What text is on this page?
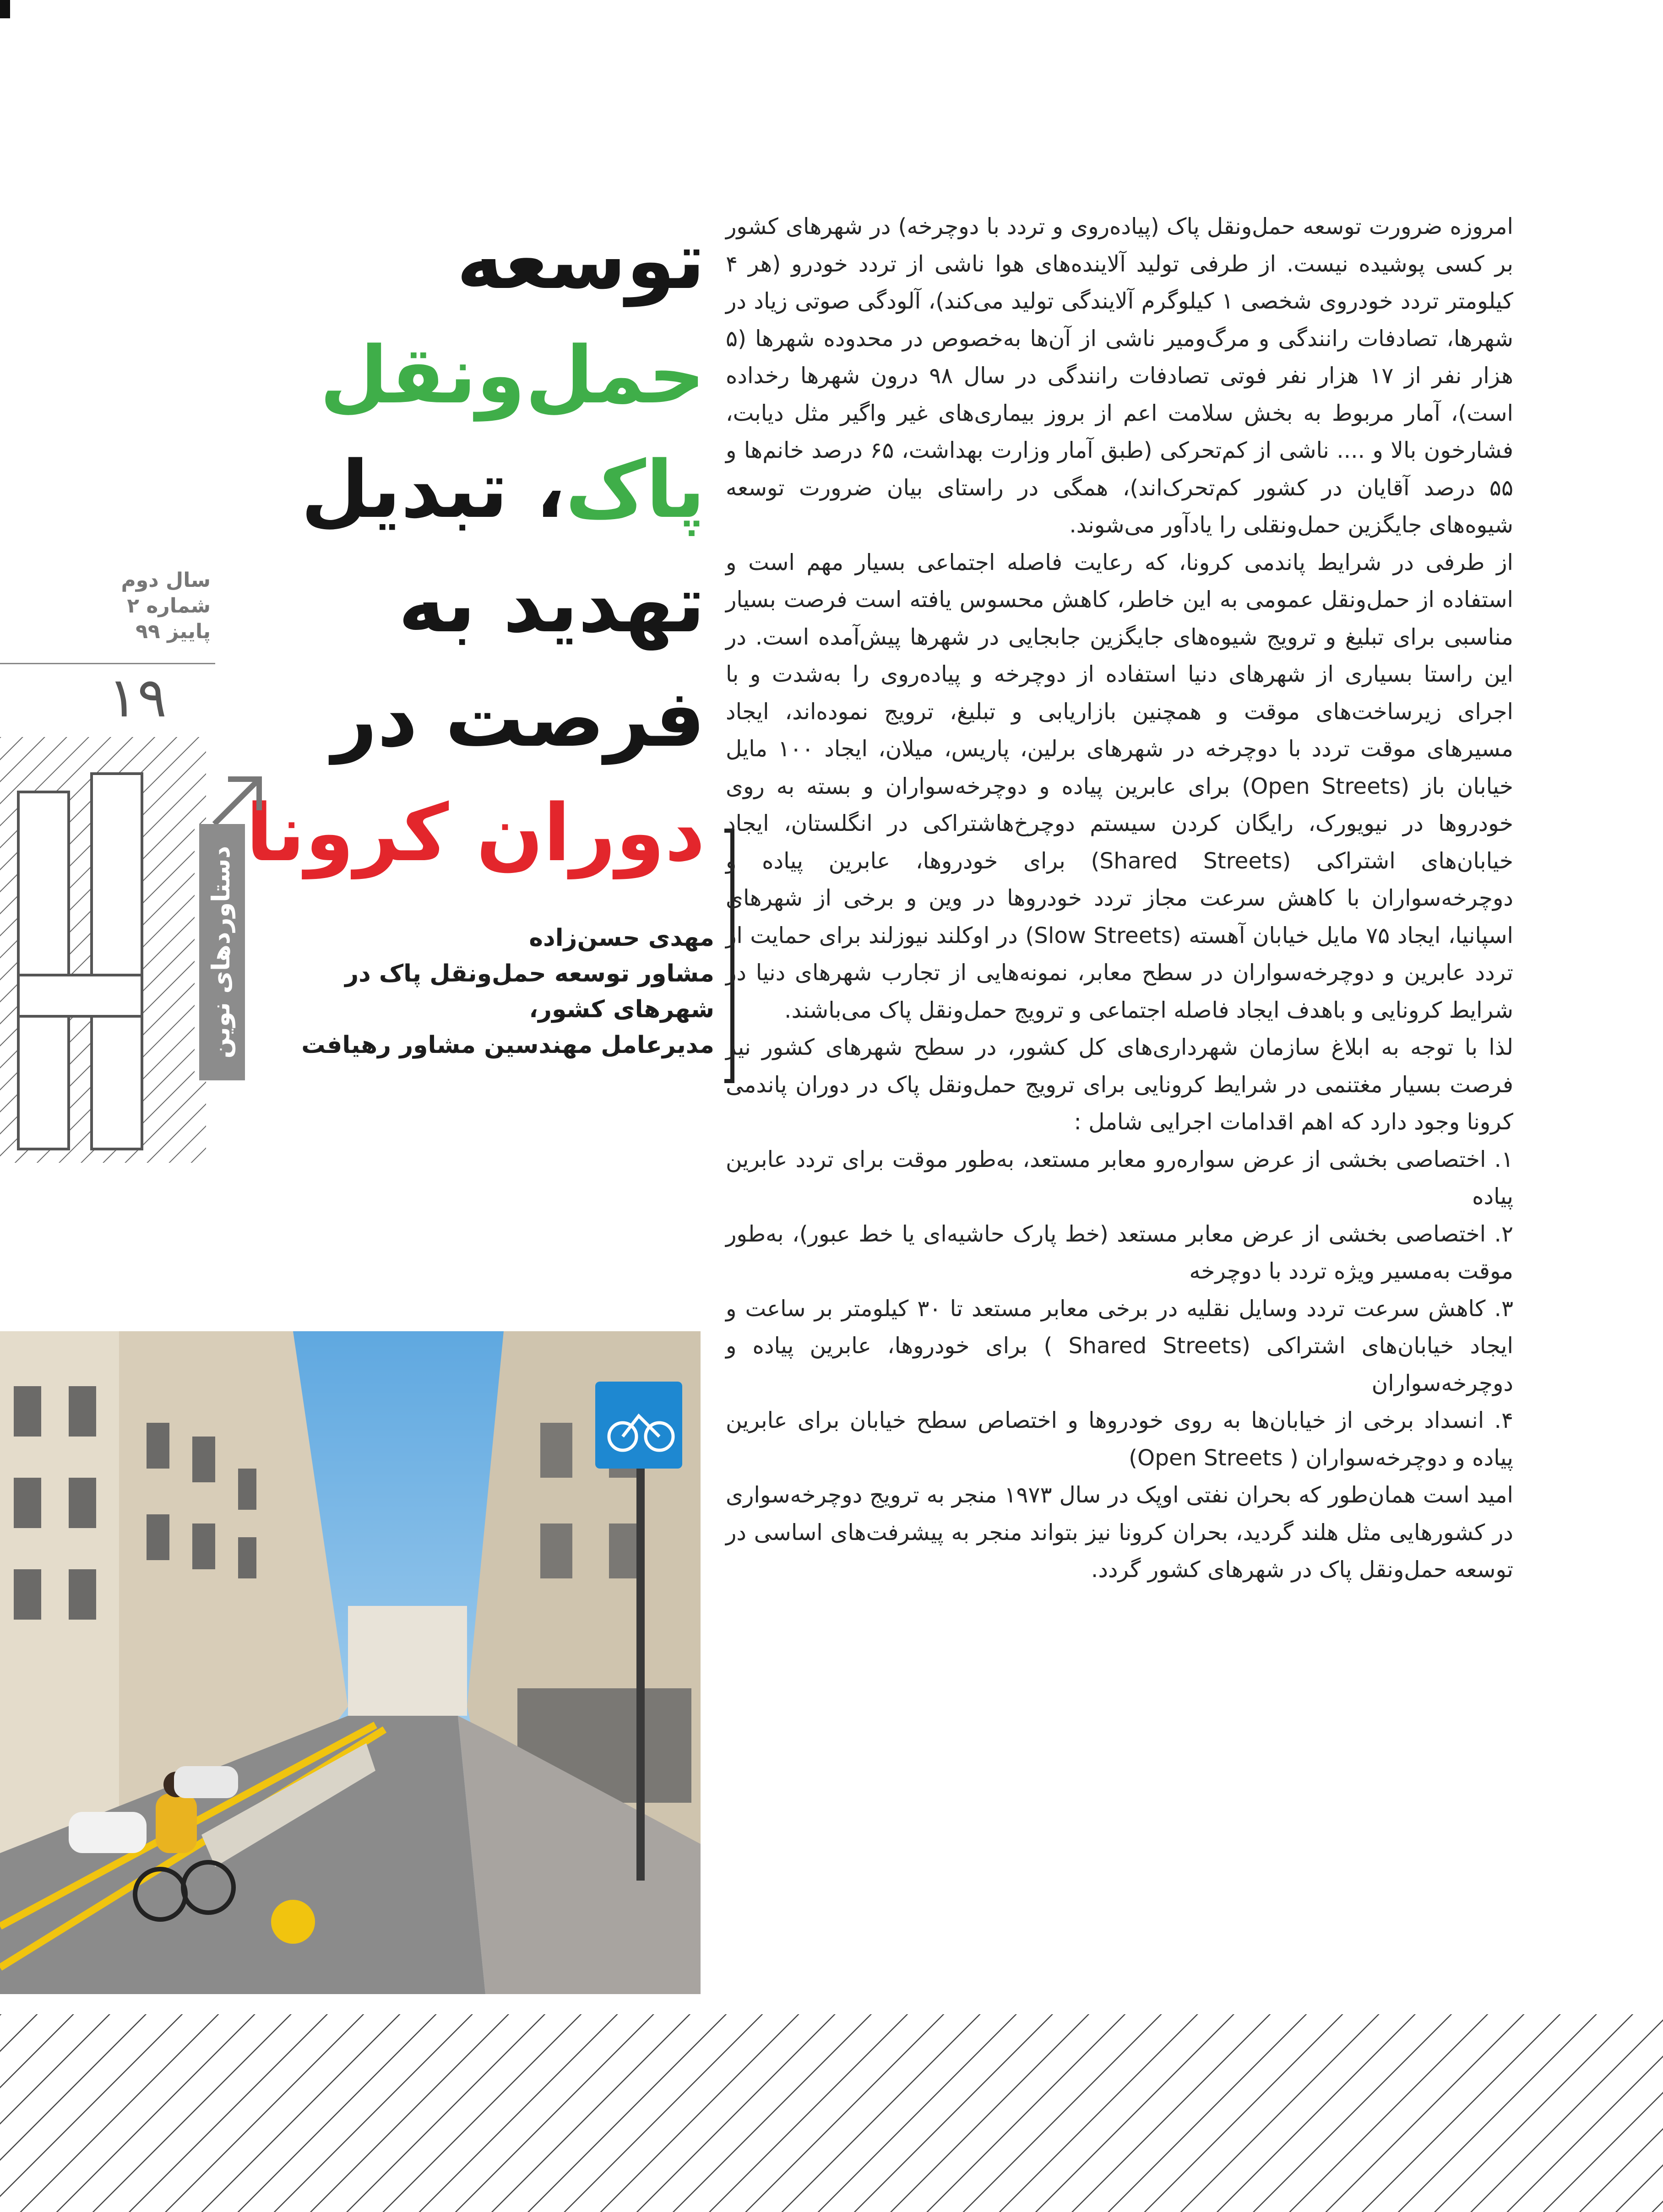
توسعه
حمل‌ونقل
پاک، تبدیل
تهدید به
فرصت در
دوران کرونا
مهدی حسن‌زاده
مشاور توسعه حمل‌ونقل پاک در
شهرهای کشور،
مدیرعامل مهندسین مشاور رهیافت
سال دوم
شماره ۲
پاییز ۹۹
۱۹
دستاوردهای نوین

امروزه ضرورت توسعه حمل‌ونقل پاک (پیاده‌روی و تردد با دوچرخه) در شهرهای کشور بر کسی پوشیده نیست. از طرفی تولید آلاینده‌های هوا ناشی از تردد خودرو (هر ۴ کیلومتر تردد خودروی شخصی ۱ کیلوگرم آلایندگی تولید می‌کند)، آلودگی صوتی زیاد در شهرها، تصادفات رانندگی و مرگ‌ومیر ناشی از آن‌ها به‌خصوص در محدوده شهرها (۵ هزار نفر از ۱۷ هزار نفر فوتی تصادفات رانندگی در سال ۹۸ درون شهرها رخداده است)، آمار مربوط به بخش سلامت اعم از بروز بیماری‌های غیر واگیر مثل دیابت، فشارخون بالا و .... ناشی از کم‌تحرکی (طبق آمار وزارت بهداشت، ۶۵ درصد خانم‌ها و ۵۵ درصد آقایان در کشور کم‌تحرک‌اند)، همگی در راستای بیان ضرورت توسعه شیوه‌های جایگزین حمل‌ونقلی را یادآور می‌شوند.

از طرفی در شرایط پاندمی کرونا، که رعایت فاصله اجتماعی بسیار مهم است و استفاده از حمل‌ونقل عمومی به این خاطر، کاهش محسوس یافته است فرصت بسیار مناسبی برای تبلیغ و ترویج شیوه‌های جایگزین جابجایی در شهرها پیش‌آمده است. در این راستا بسیاری از شهرهای دنیا استفاده از دوچرخه و پیاده‌روی را به‌شدت و با اجرای زیرساخت‌های موقت و همچنین بازاریابی و تبلیغ، ترویج نموده‌اند، ایجاد مسیرهای موقت تردد با دوچرخه در شهرهای برلین، پاریس، میلان، ایجاد ۱۰۰ مایل خیابان باز (Open Streets) برای عابرین پیاده و دوچرخه‌سواران و بسته به روی خودروها در نیویورک، رایگان کردن سیستم دوچرخ‌هاشتراکی در انگلستان، ایجاد خیابان‌های اشتراکی (Shared Streets) برای خودروها، عابرین پیاده و دوچرخه‌سواران با کاهش سرعت مجاز تردد خودروها در وین و برخی از شهرهای اسپانیا، ایجاد ۷۵ مایل خیابان آهسته (Slow Streets) در اوکلند نیوزلند برای حمایت از تردد عابرین و دوچرخه‌سواران در سطح معابر، نمونه‌هایی از تجارب شهرهای دنیا در شرایط کرونایی و باهدف ایجاد فاصله اجتماعی و ترویج حمل‌ونقل پاک می‌باشند.

لذا با توجه به ابلاغ سازمان شهرداری‌های کل کشور، در سطح شهرهای کشور نیز فرصت بسیار مغتنمی در شرایط کرونایی برای ترویج حمل‌ونقل پاک در دوران پاندمی کرونا وجود دارد که اهم اقدامات اجرایی شامل :

۱. اختصاصی بخشی از عرض سواره‌رو معابر مستعد، به‌طور موقت برای تردد عابرین پیاده

۲. اختصاصی بخشی از عرض معابر مستعد (خط پارک حاشیه‌ای یا خط عبور)، به‌طور موقت به‌مسیر ویژه تردد با دوچرخه

۳. کاهش سرعت تردد وسایل نقلیه در برخی معابر مستعد تا ۳۰ کیلومتر بر ساعت و ایجاد خیابان‌های اشتراکی (Shared Streets ) برای خودروها، عابرین پیاده و دوچرخه‌سواران

۴. انسداد برخی از خیابان‌ها به روی خودروها و اختصاص سطح خیابان برای عابرین پیاده و دوچرخه‌سواران ( Open Streets)

امید است همان‌طور که بحران نفتی اوپک در سال ۱۹۷۳ منجر به ترویج دوچرخه‌سواری در کشورهایی مثل هلند گردید، بحران کرونا نیز بتواند منجر به پیشرفت‌های اساسی در توسعه حمل‌ونقل پاک در شهرهای کشور گردد.
